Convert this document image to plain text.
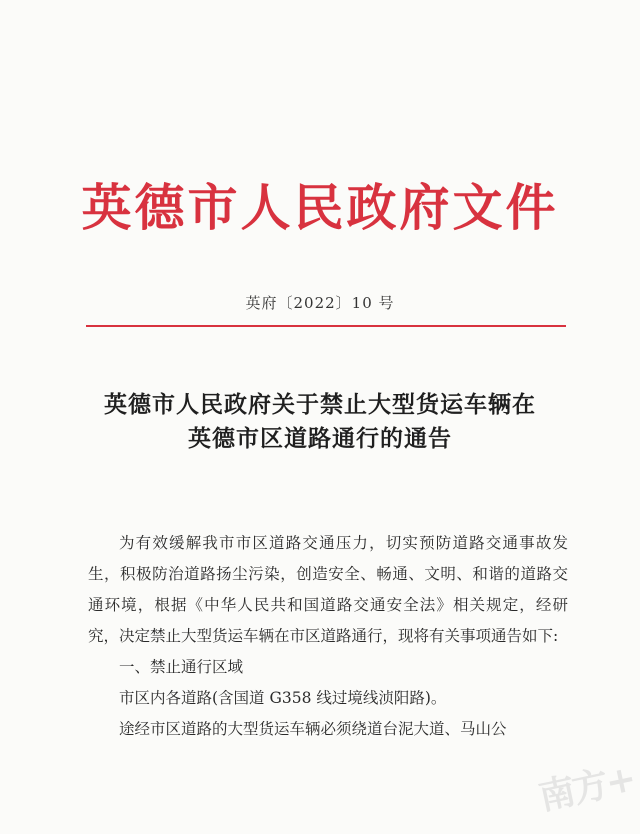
英德市人民政府文件
英府〔2022〕10 号
英德市人民政府关于禁止大型货运车辆在
英德市区道路通行的通告

为有效缓解我市市区道路交通压力，切实预防道路交通事故发生，积极防治道路扬尘污染，创造安全、畅通、文明、和谐的道路交通环境，根据《中华人民共和国道路交通安全法》相关规定，经研究，决定禁止大型货运车辆在市区道路通行，现将有关事项通告如下:

一、禁止通行区域

市区内各道路(含国道 G358 线过境线浈阳路)。

途经市区道路的大型货运车辆必须绕道台泥大道、马山公

南方+
